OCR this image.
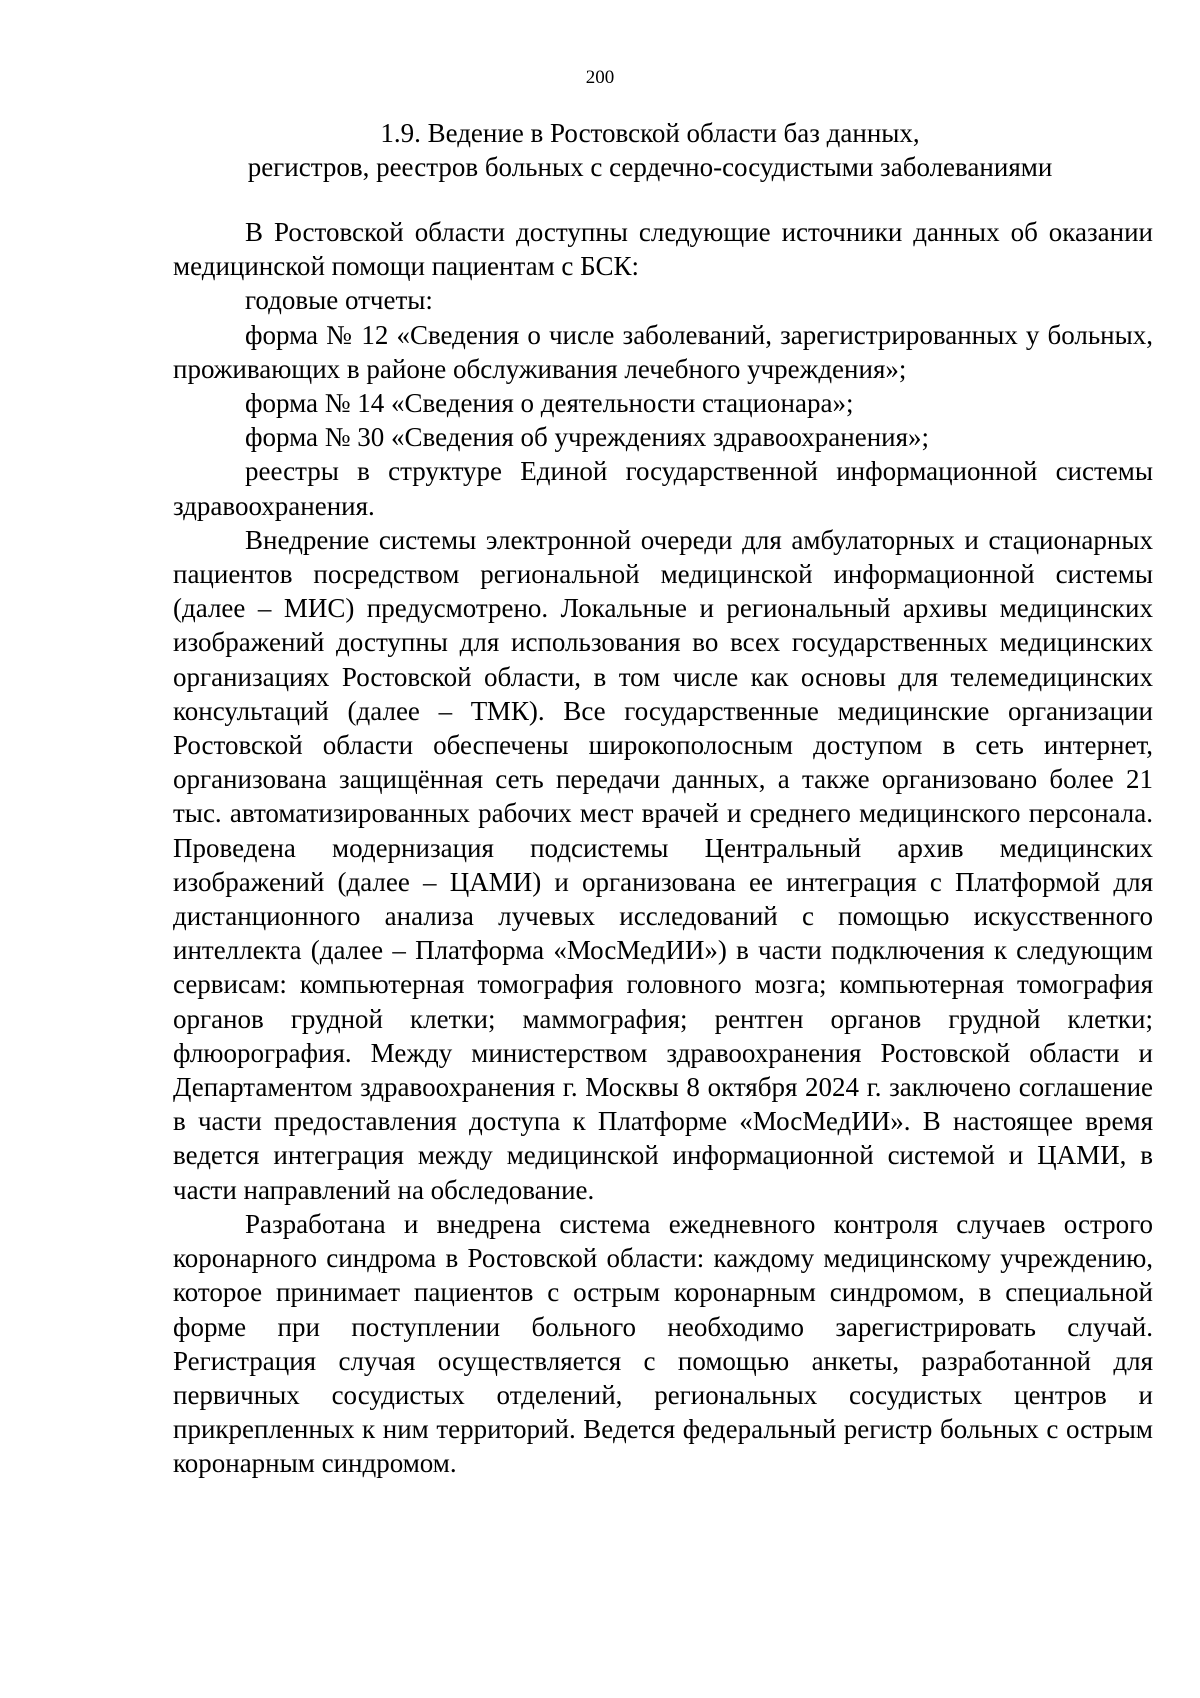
200
1.9. Ведение в Ростовской области баз данных,
регистров, реестров больных с сердечно-сосудистыми заболеваниями

В Ростовской области доступны следующие источники данных об оказании медицинской помощи пациентам с БСК:

годовые отчеты:

форма № 12 «Сведения о числе заболеваний, зарегистрированных у больных, проживающих в районе обслуживания лечебного учреждения»;

форма № 14 «Сведения о деятельности стационара»;

форма № 30 «Сведения об учреждениях здравоохранения»;

реестры в структуре Единой государственной информационной системы здравоохранения.

Внедрение системы электронной очереди для амбулаторных и стационарных пациентов посредством региональной медицинской информационной системы (далее – МИС) предусмотрено. Локальные и региональный архивы медицинских изображений доступны для использования во всех государственных медицинских организациях Ростовской области, в том числе как основы для телемедицинских консультаций (далее – ТМК). Все государственные медицинские организации Ростовской области обеспечены широкополосным доступом в сеть интернет, организована защищённая сеть передачи данных, а также организовано более 21 тыс. автоматизированных рабочих мест врачей и среднего медицинского персонала. Проведена модернизация подсистемы Центральный архив медицинских изображений (далее – ЦАМИ) и организована ее интеграция с Платформой для дистанционного анализа лучевых исследований с помощью искусственного интеллекта (далее – Платформа «МосМедИИ») в части подключения к следующим сервисам: компьютерная томография головного мозга; компьютерная томография органов грудной клетки; маммография; рентген органов грудной клетки; флюорография. Между министерством здравоохранения Ростовской области и Департаментом здравоохранения г. Москвы 8 октября 2024 г. заключено соглашение в части предоставления доступа к Платформе «МосМедИИ». В настоящее время ведется интеграция между медицинской информационной системой и ЦАМИ, в части направлений на обследование.

Разработана и внедрена система ежедневного контроля случаев острого коронарного синдрома в Ростовской области: каждому медицинскому учреждению, которое принимает пациентов с острым коронарным синдромом, в специальной форме при поступлении больного необходимо зарегистрировать случай. Регистрация случая осуществляется с помощью анкеты, разработанной для первичных сосудистых отделений, региональных сосудистых центров и прикрепленных к ним территорий. Ведется федеральный регистр больных с острым коронарным синдромом.
